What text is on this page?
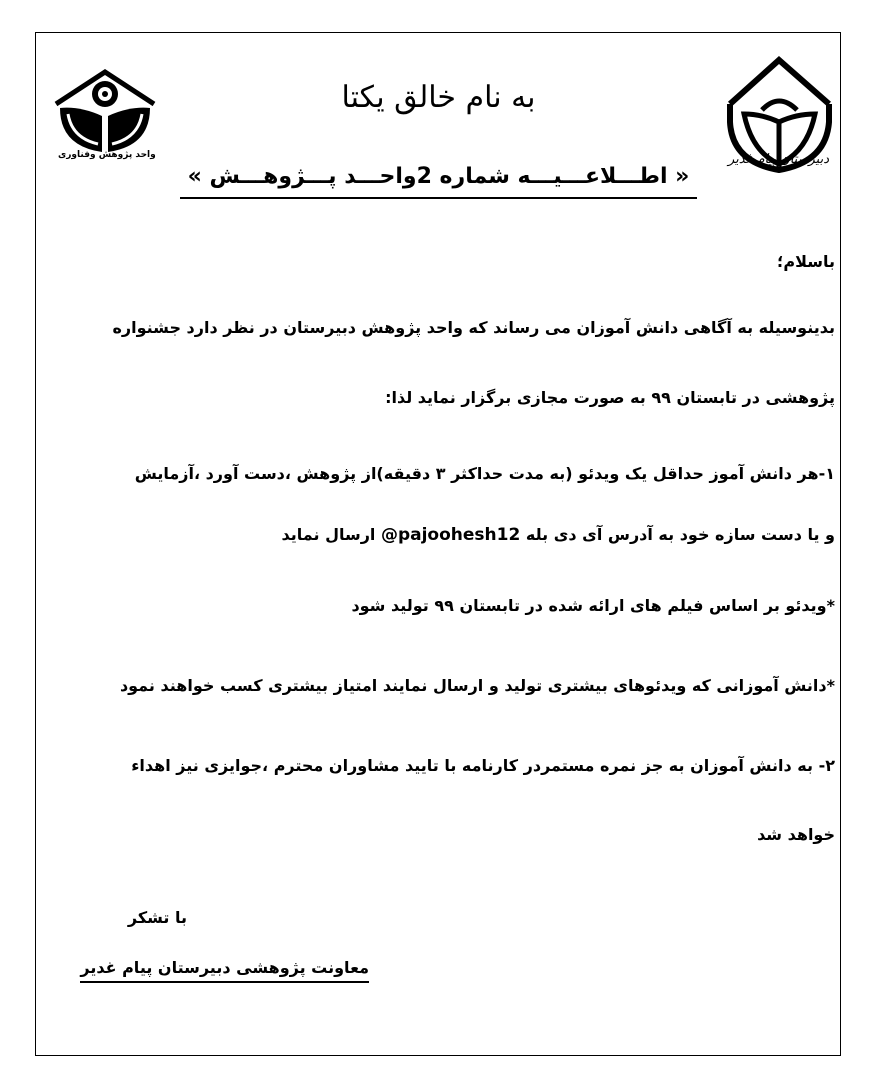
دبیرستان پیام غدیر
واحد پژوهش وفناوری
به نام خالق یکتا
« اطـــلاعـــیـــه شماره 2واحـــد پـــژوهـــش »
باسلام؛
بدینوسیله به آگاهی دانش آموزان می رساند که واحد پژوهش دبیرستان در نظر دارد جشنواره
پژوهشی در تابستان ۹۹ به صورت مجازی برگزار نماید لذا:
۱-هر دانش آموز حداقل یک ویدئو (به مدت حداکثر ۳ دقیقه)از پژوهش ،دست آورد ،آزمایش
و یا دست سازه خود به آدرس آی دی بله @pajoohesh12 ارسال نماید
*ویدئو بر اساس فیلم های ارائه شده در تابستان ۹۹ تولید شود
*دانش آموزانی که ویدئوهای بیشتری تولید و ارسال نمایند امتیاز بیشتری کسب خواهند نمود
۲- به دانش آموزان به جز نمره مستمردر کارنامه با تایید مشاوران محترم ،جوایزی نیز اهداء
خواهد شد
با تشکر
معاونت پژوهشی دبیرستان پیام غدیر
